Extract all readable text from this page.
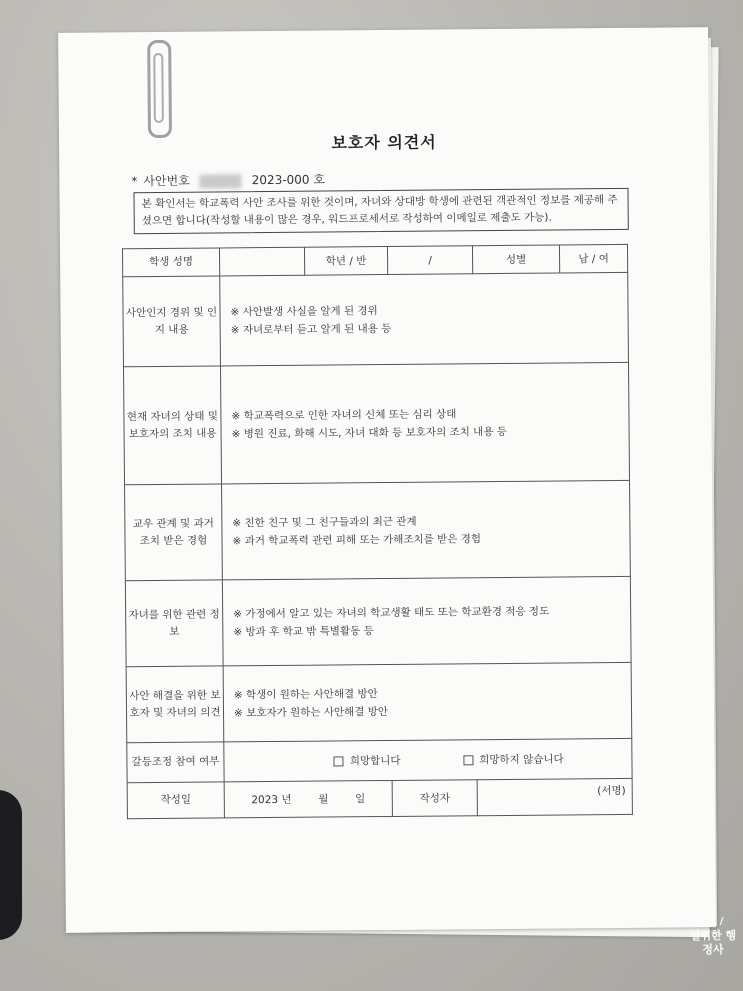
보호자 의견서
* 사안번호	2023-000 호
본 확인서는 학교폭력 사안 조사를 위한 것이며, 자녀와 상대방 학생에 관련된 객관적인 정보를 제공해 주셨으면 합니다(작성할 내용이 많은 경우, 워드프로세서로 작성하여 이메일로 제출도 가능).
학생 성명		학년 / 반	/	성별	남 / 여
사안인지 경위 및 인지 내용	※ 사안발생 사실을 알게 된 경위
※ 자녀로부터 듣고 알게 된 내용 등				

현재 자녀의 상태 및 보호자의 조치 내용	※ 학교폭력으로 인한 자녀의 신체 또는 심리 상태
※ 병원 진료, 화해 시도, 자녀 대화 등 보호자의 조치 내용 등				

교우 관계 및 과거 조치 받은 경험	※ 친한 친구 및 그 친구들과의 최근 관계
※ 과거 학교폭력 관련 피해 또는 가해조치를 받은 경험				

자녀를 위한 관련 정보	※ 가정에서 알고 있는 자녀의 학교생활 태도 또는 학교환경 적응 정도
※ 방과 후 학교 밖 특별활동 등				

사안 해결을 위한 보호자 및 자녀의 의견	※ 학생이 원하는 사안해결 방안
※ 보호자가 원하는 사안해결 방안				

갈등조정 참여 여부	희망합니다 희망하지 않습니다				
작성일	2023 년 월 일		작성자	(서명)	
\ | /
널위한 행정사
